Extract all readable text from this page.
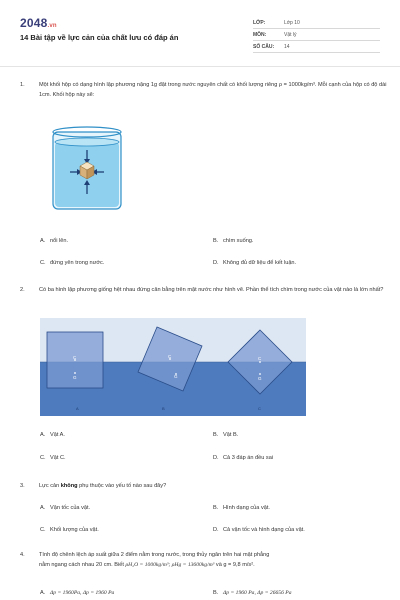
2048.vn
14 Bài tập về lực cản của chất lưu có đáp án
LỚP:	Lớp 10
MÔN:	Vật lý
SỐ CÂU:	14
1.	Một khối hộp có dạng hình lập phương nặng 1g đặt trong nước nguyên chất có khối lượng riêng ρ = 1000kg/m³. Mỗi cạnh của hộp có độ dài 1cm. Khối hộp này sẽ:
A. nổi lên.	B. chìm xuống.
C. đứng yên trong nước.	D. Không đủ dữ liệu để kết luận.
2.	Có ba hình lập phương giống hệt nhau đứng cân bằng trên mặt nước như hình vẽ. Phần thể tích chìm trong nước của vật nào là lớn nhất?
C
G
C
G
C
G
A	B	C
A. Vật A.	B. Vật B.
C. Vật C.	D. Cả 3 đáp án đều sai
3.	Lực cản không phụ thuộc vào yếu tố nào sau đây?
A. Vận tốc của vật.	B. Hình dạng của vật.
C. Khối lượng của vật.	D. Cả vận tốc và hình dạng của vật.
4.	Tính độ chênh lệch áp suất giữa 2 điểm nằm trong nước, trong thủy ngân trên hai mặt phẳng
nằm ngang cách nhau 20 cm. Biết ρH₂O = 1000kg/m³; ρHg = 13600kg/m³ và g = 9,8 m/s².
A. Δp = 1960Pa, Δp = 1960 Pa	B. Δp = 1960 Pa, Δp = 26656 Pa
